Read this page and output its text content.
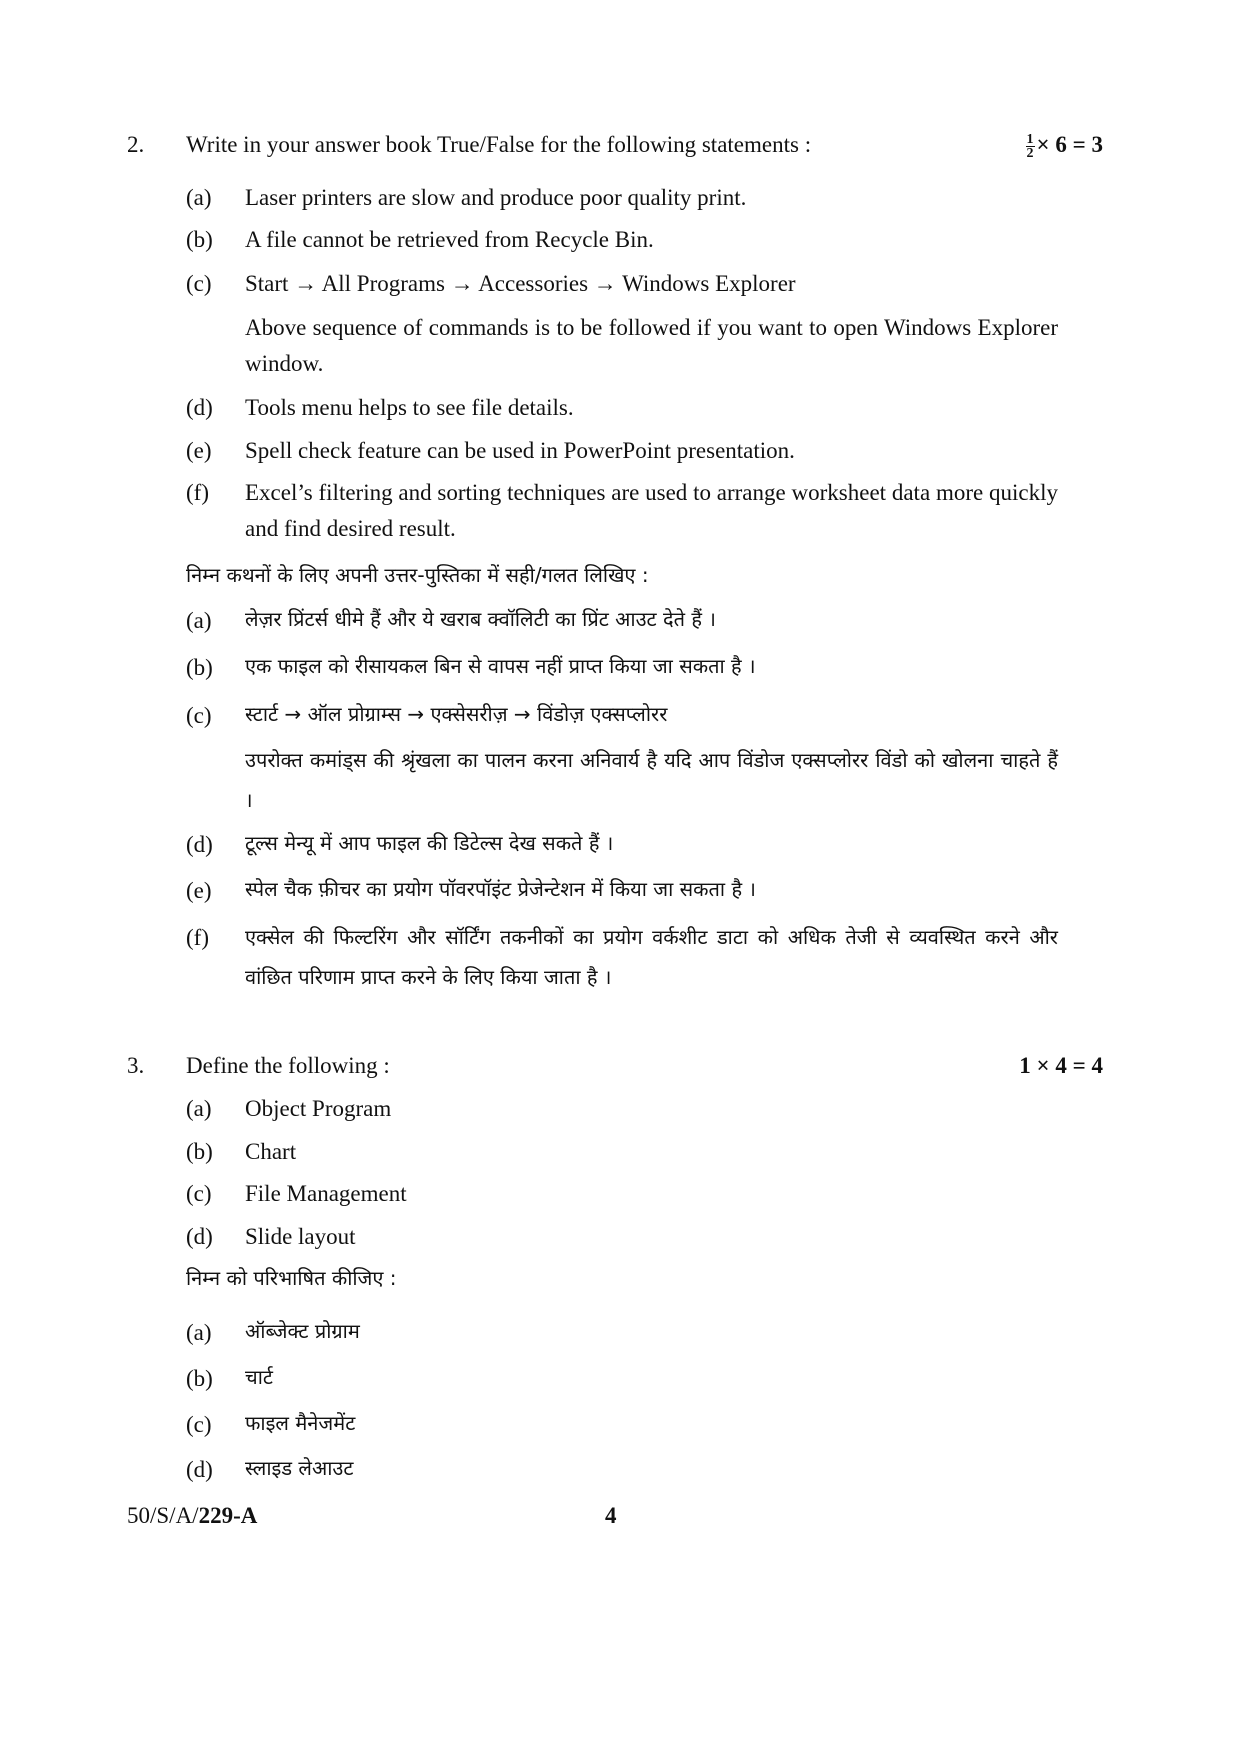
2. Write in your answer book True/False for the following statements :	$\frac{1}{2} \times 6 = 3$
(a) Laser printers are slow and produce poor quality print.
(b) A file cannot be retrieved from Recycle Bin.
(c) Start → All Programs → Accessories → Windows Explorer
Above sequence of commands is to be followed if you want to open Windows Explorer window.
(d) Tools menu helps to see file details.
(e) Spell check feature can be used in PowerPoint presentation.
(f) Excel’s filtering and sorting techniques are used to arrange worksheet data more quickly and find desired result.
निम्न कथनों के लिए अपनी उत्तर-पुस्तिका में सही/गलत लिखिए :
(a) लेज़र प्रिंटर्स धीमे हैं और ये खराब क्वॉलिटी का प्रिंट आउट देते हैं ।
(b) एक फाइल को रीसायकल बिन से वापस नहीं प्राप्त किया जा सकता है ।
(c) स्टार्ट → ऑल प्रोग्राम्स → एक्सेसरीज़ → विंडोज़ एक्सप्लोरर
उपरोक्त कमांड्स की श्रृंखला का पालन करना अनिवार्य है यदि आप विंडोज एक्सप्लोरर विंडो को खोलना चाहते हैं ।
(d) टूल्स मेन्यू में आप फाइल की डिटेल्स देख सकते हैं ।
(e) स्पेल चैक फ़ीचर का प्रयोग पॉवरपॉइंट प्रेजेन्टेशन में किया जा सकता है ।
(f) एक्सेल की फिल्टरिंग और सॉर्टिंग तकनीकों का प्रयोग वर्कशीट डाटा को अधिक तेजी से व्यवस्थित करने और वांछित परिणाम प्राप्त करने के लिए किया जाता है ।
3. Define the following :	1 × 4 = 4
(a) Object Program
(b) Chart
(c) File Management
(d) Slide layout
निम्न को परिभाषित कीजिए :
(a) ऑब्जेक्ट प्रोग्राम
(b) चार्ट
(c) फाइल मैनेजमेंट
(d) स्लाइड लेआउट
50/S/A/229-A	4
